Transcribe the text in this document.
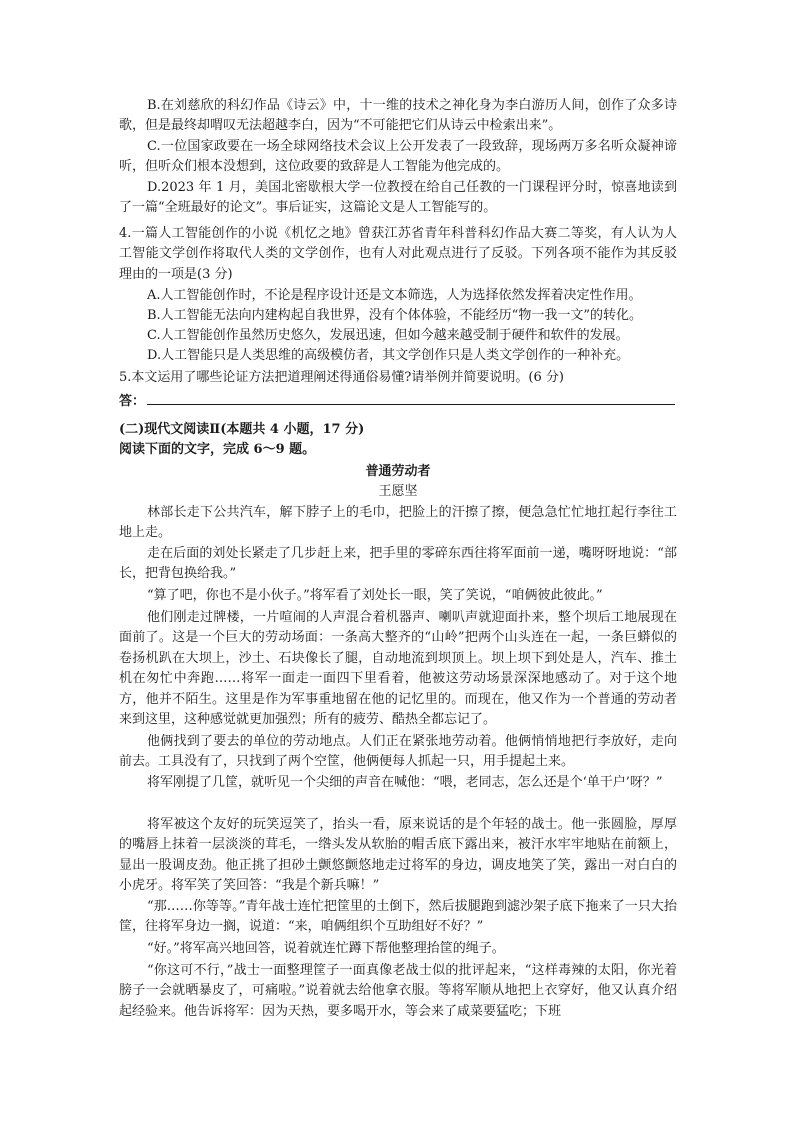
B.在刘慈欣的科幻作品《诗云》中，十一维的技术之神化身为李白游历人间，创作了众多诗歌，但是最终却喟叹无法超越李白，因为“不可能把它们从诗云中检索出来”。

C.一位国家政要在一场全球网络技术会议上公开发表了一段致辞，现场两万多名听众凝神谛听，但听众们根本没想到，这位政要的致辞是人工智能为他完成的。

D.2023 年 1 月，美国北密歇根大学一位教授在给自己任教的一门课程评分时，惊喜地读到了一篇“全班最好的论文”。事后证实，这篇论文是人工智能写的。

4.一篇人工智能创作的小说《机忆之地》曾获江苏省青年科普科幻作品大赛二等奖，有人认为人工智能文学创作将取代人类的文学创作，也有人对此观点进行了反驳。下列各项不能作为其反驳理由的一项是(3 分)

A.人工智能创作时，不论是程序设计还是文本筛选，人为选择依然发挥着决定性作用。

B.人工智能无法向内建构起自我世界，没有个体体验，不能经历“物一我一文”的转化。

C.人工智能创作虽然历史悠久，发展迅速，但如今越来越受制于硬件和软件的发展。

D.人工智能只是人类思维的高级模仿者，其文学创作只是人类文学创作的一种补充。

5.本文运用了哪些论证方法把道理阐述得通俗易懂?请举例并简要说明。(6 分)

答：

(二)现代文阅读Ⅱ(本题共 4 小题，17 分)

阅读下面的文字，完成 6～9 题。

普通劳动者

王愿坚

林部长走下公共汽车，解下脖子上的毛巾，把脸上的汗擦了擦，便急急忙忙地扛起行李往工地上走。

走在后面的刘处长紧走了几步赶上来，把手里的零碎东西往将军面前一递，嘴呀呀地说：“部长，把背包换给我。”

“算了吧，你也不是小伙子。”将军看了刘处长一眼，笑了笑说，“咱俩彼此彼此。”

他们刚走过牌楼，一片喧闹的人声混合着机器声、喇叭声就迎面扑来，整个坝后工地展现在面前了。这是一个巨大的劳动场面：一条高大整齐的“山岭”把两个山头连在一起，一条巨蟒似的卷扬机趴在大坝上，沙土、石块像长了腿，自动地流到坝顶上。坝上坝下到处是人，汽车、推土机在匆忙中奔跑……将军一面走一面四下里看着，他被这劳动场景深深地感动了。对于这个地方，他并不陌生。这里是作为军事重地留在他的记忆里的。而现在，他又作为一个普通的劳动者来到这里，这种感觉就更加强烈；所有的疲劳、酷热全都忘记了。

他俩找到了要去的单位的劳动地点。人们正在紧张地劳动着。他俩悄悄地把行李放好，走向前去。工具没有了，只找到了两个空筐，他俩便每人抓起一只，用手提起土来。

将军刚提了几筐，就听见一个尖细的声音在喊他：“喂，老同志，怎么还是个‘单干户’呀？”

将军被这个友好的玩笑逗笑了，抬头一看，原来说话的是个年轻的战士。他一张圆脸，厚厚的嘴唇上抹着一层淡淡的茸毛，一绺头发从软胎的帽舌底下露出来，被汗水牢牢地贴在前额上，显出一股调皮劲。他正挑了担砂土颤悠颤悠地走过将军的身边，调皮地笑了笑，露出一对白白的小虎牙。将军笑了笑回答：“我是个新兵嘛！”

“那……你等等。”青年战士连忙把筐里的土倒下，然后拔腿跑到滤沙架子底下拖来了一只大抬筐，往将军身边一搁，说道：“来，咱俩组织个互助组好不好？”

“好。”将军高兴地回答，说着就连忙蹲下帮他整理抬筐的绳子。

“你这可不行，”战士一面整理筐子一面真像老战士似的批评起来，“这样毒辣的太阳，你光着膀子一会就晒暴皮了，可痛啦。”说着就去给他拿衣服。等将军顺从地把上衣穿好，他又认真介绍起经验来。他告诉将军：因为天热，要多喝开水，等会来了咸菜要猛吃；下班
